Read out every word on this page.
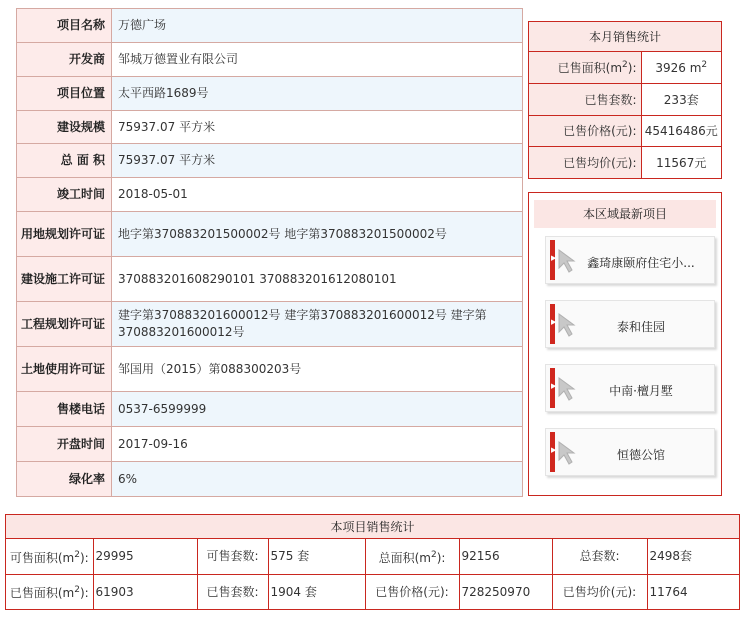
项目名称	万德广场
开发商	邹城万德置业有限公司
项目位置	太平西路1689号
建设规模	75937.07 平方米
总 面 积	75937.07 平方米
竣工时间	2018-05-01
用地规划许可证	地字第370883201500002号 地字第370883201500002号
建设施工许可证	370883201608290101 370883201612080101
工程规划许可证	建字第370883201600012号 建字第370883201600012号 建字第370883201600012号
土地使用许可证	邹国用（2015）第088300203号
售楼电话	0537-6599999
开盘时间	2017-09-16
绿化率	6%
本月销售统计
已售面积$(m^2)$:	3926 $m^2$
已售套数:	233套
已售价格(元):	45416486元
已售均价(元):	11567元
本区域最新项目
▶	鑫琦康颐府住宅小...
▶	泰和佳园
▶	中南·檀月墅
▶	恒德公馆
本项目销售统计
可售面积$(m^2)$:	29995	可售套数:	575 套	总面积$(m^2)$:	92156	总套数:	2498套
已售面积$(m^2)$:	61903	已售套数:	1904 套	已售价格(元):	728250970	已售均价(元):	11764
